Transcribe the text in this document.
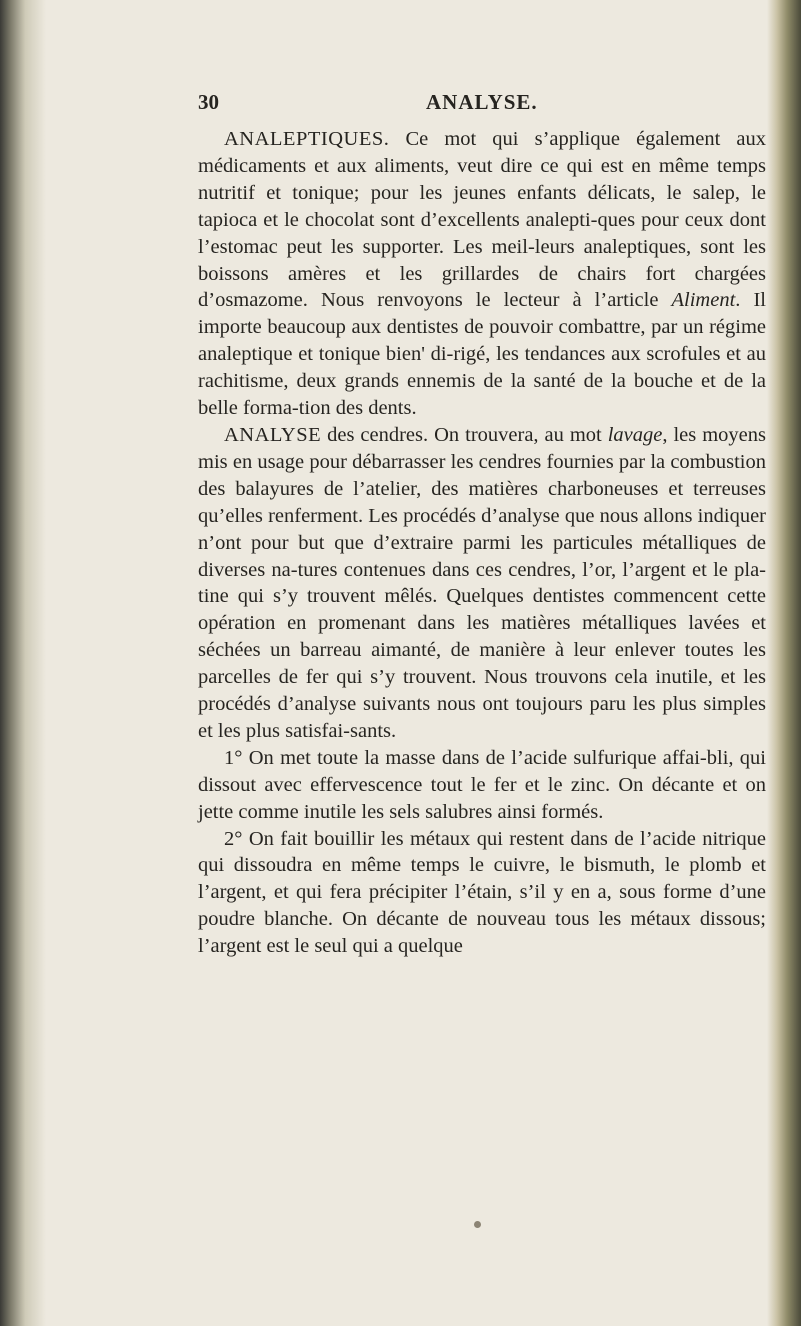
30	ANALYSE.

ANALEPTIQUES. Ce mot qui s’applique également aux médicaments et aux aliments, veut dire ce qui est en même temps nutritif et tonique; pour les jeunes enfants délicats, le salep, le tapioca et le chocolat sont d’excellents analepti-ques pour ceux dont l’estomac peut les supporter. Les meil-leurs analeptiques, sont les boissons amères et les grillardes de chairs fort chargées d’osmazome. Nous renvoyons le lecteur à l’article Aliment. Il importe beaucoup aux dentistes de pouvoir combattre, par un régime analeptique et tonique bien' di-rigé, les tendances aux scrofules et au rachitisme, deux grands ennemis de la santé de la bouche et de la belle forma-tion des dents.

ANALYSE des cendres. On trouvera, au mot lavage, les moyens mis en usage pour débarrasser les cendres fournies par la combustion des balayures de l’atelier, des matières charboneuses et terreuses qu’elles renferment. Les procédés d’analyse que nous allons indiquer n’ont pour but que d’extraire parmi les particules métalliques de diverses na-tures contenues dans ces cendres, l’or, l’argent et le pla-tine qui s’y trouvent mêlés. Quelques dentistes commencent cette opération en promenant dans les matières métalliques lavées et séchées un barreau aimanté, de manière à leur enlever toutes les parcelles de fer qui s’y trouvent. Nous trouvons cela inutile, et les procédés d’analyse suivants nous ont toujours paru les plus simples et les plus satisfai-sants.

1° On met toute la masse dans de l’acide sulfurique affai-bli, qui dissout avec effervescence tout le fer et le zinc. On décante et on jette comme inutile les sels salubres ainsi formés.

2° On fait bouillir les métaux qui restent dans de l’acide nitrique qui dissoudra en même temps le cuivre, le bismuth, le plomb et l’argent, et qui fera précipiter l’étain, s’il y en a, sous forme d’une poudre blanche. On décante de nouveau tous les métaux dissous; l’argent est le seul qui a quelque
